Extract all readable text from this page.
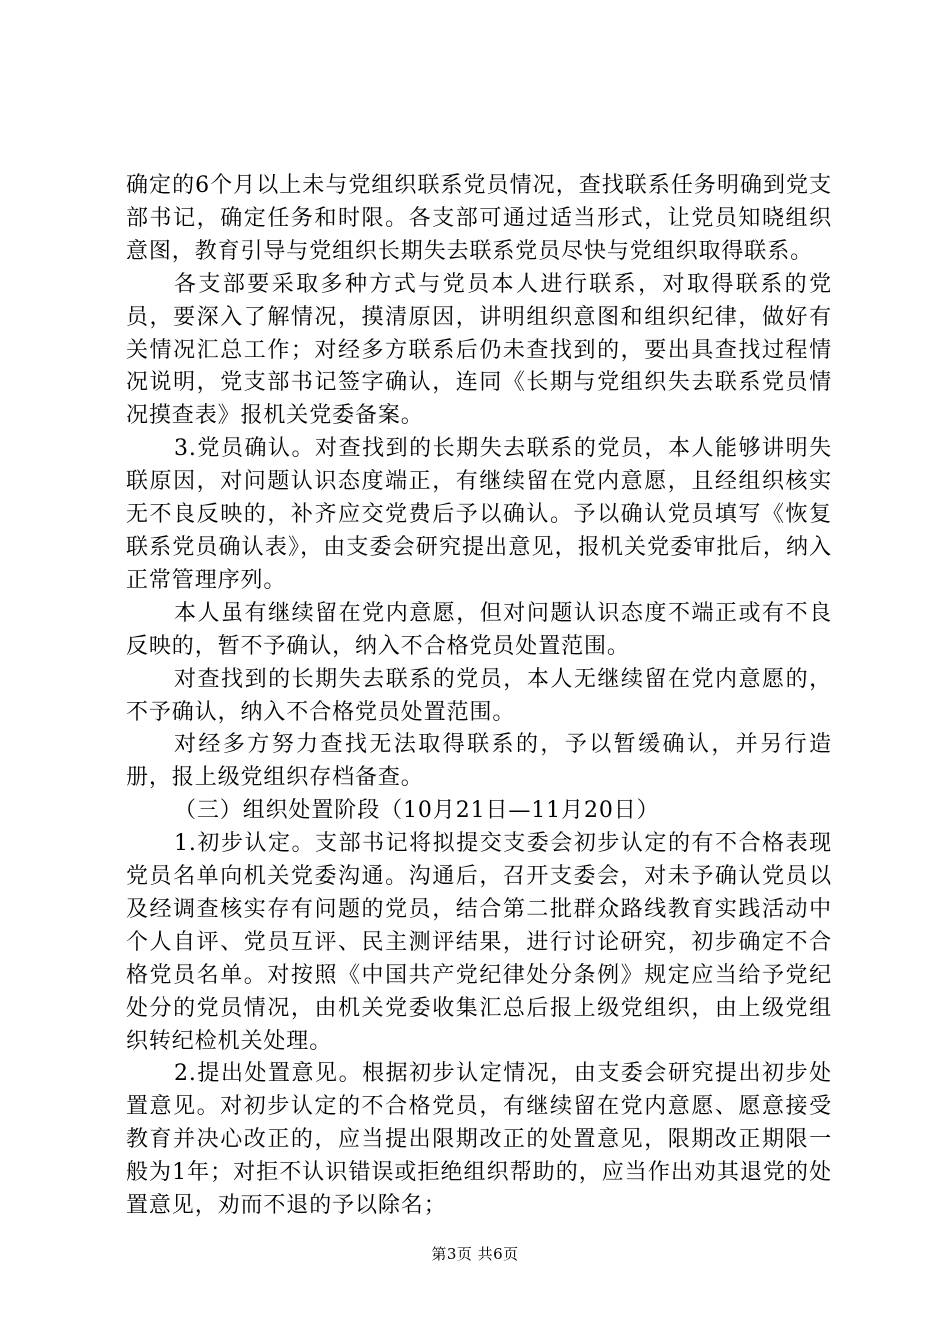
确定的6个月以上未与党组织联系党员情况，查找联系任务明确到党支部书记，确定任务和时限。各支部可通过适当形式，让党员知晓组织意图，教育引导与党组织长期失去联系党员尽快与党组织取得联系。

各支部要采取多种方式与党员本人进行联系，对取得联系的党员，要深入了解情况，摸清原因，讲明组织意图和组织纪律，做好有关情况汇总工作；对经多方联系后仍未查找到的，要出具查找过程情况说明，党支部书记签字确认，连同《长期与党组织失去联系党员情况摸查表》报机关党委备案。

3.党员确认。对查找到的长期失去联系的党员，本人能够讲明失联原因，对问题认识态度端正，有继续留在党内意愿，且经组织核实无不良反映的，补齐应交党费后予以确认。予以确认党员填写《恢复联系党员确认表》，由支委会研究提出意见，报机关党委审批后，纳入正常管理序列。

本人虽有继续留在党内意愿，但对问题认识态度不端正或有不良反映的，暂不予确认，纳入不合格党员处置范围。

对查找到的长期失去联系的党员，本人无继续留在党内意愿的，不予确认，纳入不合格党员处置范围。

对经多方努力查找无法取得联系的，予以暂缓确认，并另行造册，报上级党组织存档备查。

（三）组织处置阶段（10月21日—11月20日）

1.初步认定。支部书记将拟提交支委会初步认定的有不合格表现党员名单向机关党委沟通。沟通后，召开支委会，对未予确认党员以及经调查核实存有问题的党员，结合第二批群众路线教育实践活动中个人自评、党员互评、民主测评结果，进行讨论研究，初步确定不合格党员名单。对按照《中国共产党纪律处分条例》规定应当给予党纪处分的党员情况，由机关党委收集汇总后报上级党组织，由上级党组织转纪检机关处理。

2.提出处置意见。根据初步认定情况，由支委会研究提出初步处置意见。对初步认定的不合格党员，有继续留在党内意愿、愿意接受教育并决心改正的，应当提出限期改正的处置意见，限期改正期限一般为1年；对拒不认识错误或拒绝组织帮助的，应当作出劝其退党的处置意见，劝而不退的予以除名；

第3页 共6页
